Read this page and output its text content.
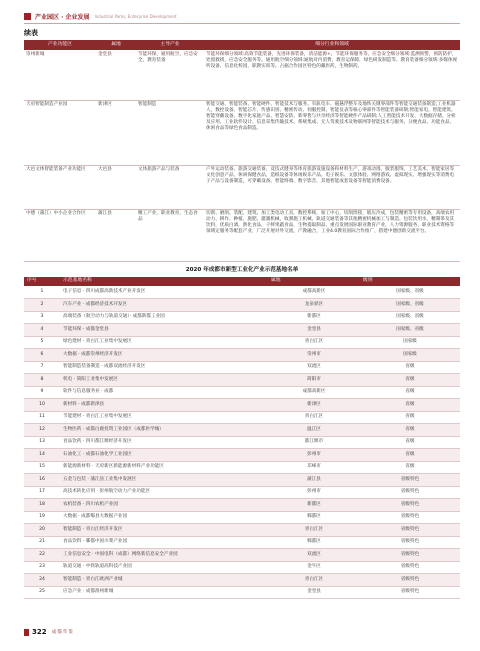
产业园区 · 企业发展 Industrial Parks, Enterprise Development
续表
产业功能区	属地	主导产业	细分行业和领域
崇州新城	金堂县	节能环保，通用航空，应急安全，教育装备	节能环保细分领域:高效节能装备，先进环保装备，清洁能源+，节能环保服务等。应急安全细分领域:监测预警，预防防护，处置救援，应急安全服务等。通用航空细分领域:通航对内消费，教育运保障，绿色研发制造等。教育装备细分领域:多媒体视听设备，信息化校园，职教实训等。占据合作园区特色的藏医药，生物制药。
天府智能制造产业园	新津区	智能制造	智能交通、智能装备、智能硬件、智能技术与服务。有轨电车、磁悬浮整车及地铁关键零部件等智能交通装备制造;工业机器人、数控设备、智能芯片、传感识别、精密传动、伺服控制，智能仪表等核心零部件等智能装备研制;智能家电、智能建筑、智能穿戴设备、数字化家庭产品、智慧安防、新零售与共享经济等智能硬件产品研制;人工智能技术开发、大数据存储、分析及应用、工业软件设计、信息采集传输技术、系统集成、无人驾驶技术及物联网等智能技术与服务。分便食品、功能食品、休闲食品等绿色食品制造。
大邑文体智能装备产业功能区	大邑县	文体旅游产品与装备	户外运动装备、旅游交通装备，竞技式健身等体育旅游设施设备和材料生产，游戏动漫，服装服饰，工艺美术，智能家居等文化创意产品，休闲保健食品，造纸设备等休闲娱乐产品，电子娱乐、文旅体验、网络游戏、虚拟现实、增强现实等消费电子产品与设备制造，可穿戴设备、智能终端、数字影音，其他智能成套设备等智能消费设备。
中德（蒲江）中小企业合作区	蒲江县	精工产业，职业教育，生态食品	切削、磨削、装配、建筑、加工类电动工具，数控系统，加工中心，切削焊接，锻压冷成，包装精密等专用设备，高端农用动力、耕作、种植、施肥、灌溉机械，收割施工机械，轨道交通装备等其他精密机械加工与制造。包装饮用水，精制茶及其饮料，优质白酒，新化食品，干鲜果蔬食品，生物提取制品，重点发展国际职业教育产业，人力资源服务，职业技术资格等领域定服务等配套产业，广泛开展对外交流，产教融合，工业4.0教育国际合作推广，搭建中德创新交流平台。
2020 年成都市新型工业化产业示范基地名单
序号	示范基地名称	属地	级别
1	电子信息 · 四川成都高新技术产业开发区	成都高新区	国家级、省级
2	汽车产业 · 成都经济技术开发区	龙泉驿区	国家级、省级
3	高端装备（航空动力与轨道交通）· 成都新都工业园	新都区	国家级、省级
4	节能环保 · 成都金堂县	金堂县	国家级、省级
5	绿色建材 · 青白江工业集中发展区	青白江区	国家级
6	大数据 · 成都崇州经济开发区	崇州市	国家级
7	智能制造装备制造 · 成都双流经济开发区	双流区	省级
8	机电 · 简阳工业集中发展区	简阳市	省级
9	软件与信息服务业 · 成都	成都高新区	省级
10	新材料 · 成都新津县	新津区	省级
11	节能建材 · 青白江工业集中发展区	青白江区	省级
12	生物医药 · 成都白鹿投资工业园区（成都医学城）	温江区	省级
13	食品饮药 · 四川都江堰经济开发区	都江堰市	省级
14	石油化工 · 成都石油化学工业园区	彭州市	省级
15	新能源新材料 · 天府新区新能源新材料产业功能区	邛崃市	省级
16	五金与包装 · 蒲江县工业集中发展区	蒲江县	省级特色
17	高技术转化应用 · 彭州航空动力产业功能区	彭州市	省级特色
18	农机装备 · 四川农机产业园	新都区	省级特色
19	大数据 · 成都郫县大数据产业园	郫都区	省级特色
20	智能制造 · 青白江经济开发区	青白江区	省级特色
21	食品饮料 · 郫都中国川菜产业园	郫都区	省级特色
22	工业信息安全 · 中国电科（成都）网络新信息安全产业园	双流区	省级特色
23	轨道交通 · 中铁轨道高科技产业园	金牛区	省级特色
24	智能制造 · 青白江欧洲产业城	青白江区	省级特色
25	应急产业 · 成都淮州新城	金堂县	省级特色
322 成都年鉴
